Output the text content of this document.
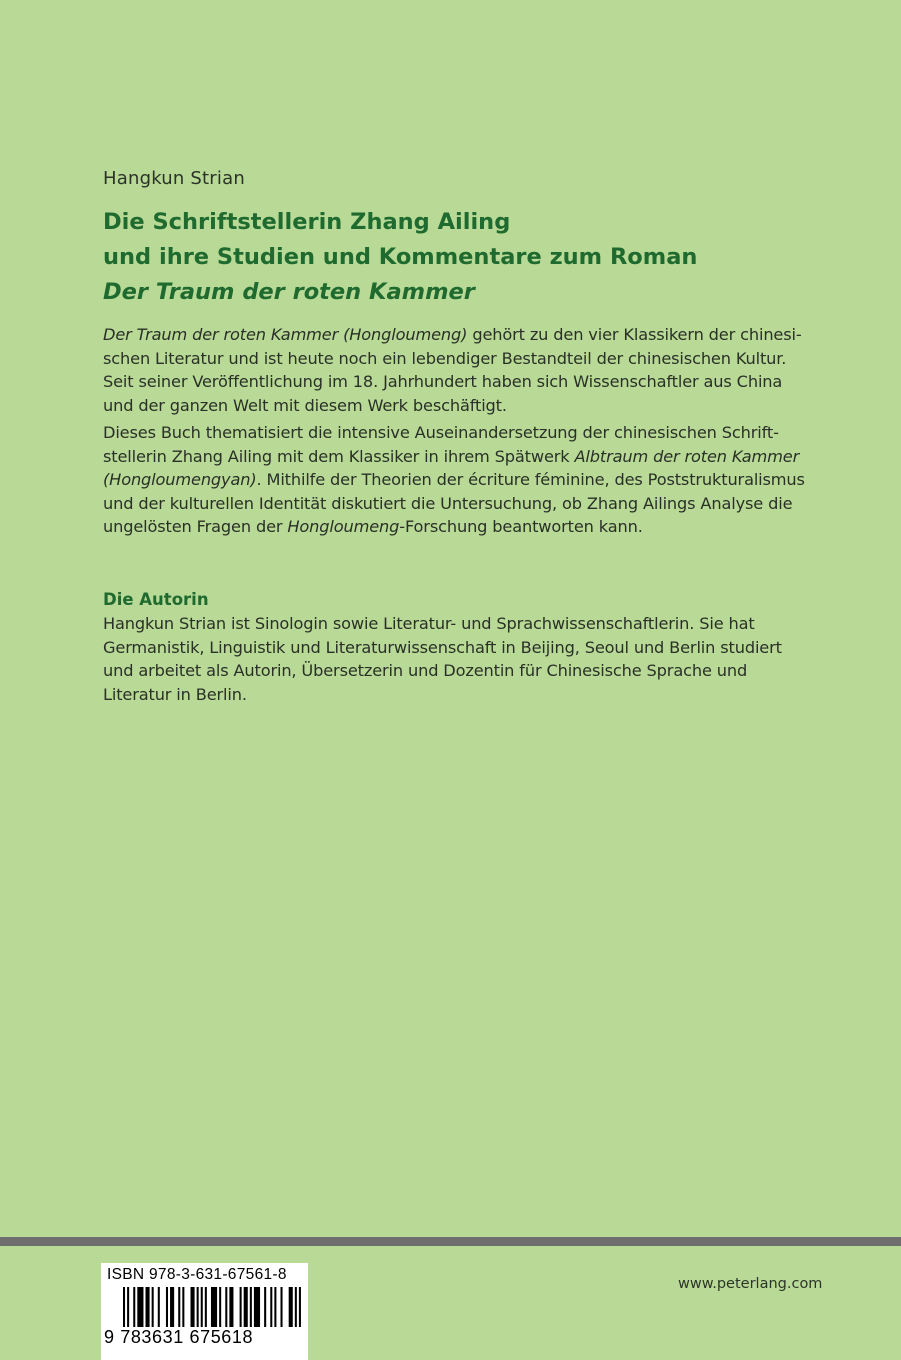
Hangkun Strian
Die Schriftstellerin Zhang Ailing
und ihre Studien und Kommentare zum Roman
Der Traum der roten Kammer
Der Traum der roten Kammer (Hongloumeng) gehört zu den vier Klassikern der chinesi-
schen Literatur und ist heute noch ein lebendiger Bestandteil der chinesischen Kultur.
Seit seiner Veröffentlichung im 18. Jahrhundert haben sich Wissenschaftler aus China
und der ganzen Welt mit diesem Werk beschäftigt.
Dieses Buch thematisiert die intensive Auseinandersetzung der chinesischen Schrift-
stellerin Zhang Ailing mit dem Klassiker in ihrem Spätwerk Albtraum der roten Kammer
(Hongloumengyan). Mithilfe der Theorien der écriture féminine, des Poststrukturalismus
und der kulturellen Identität diskutiert die Untersuchung, ob Zhang Ailings Analyse die
ungelösten Fragen der Hongloumeng-Forschung beantworten kann.
Die Autorin
Hangkun Strian ist Sinologin sowie Literatur- und Sprachwissenschaftlerin. Sie hat
Germanistik, Linguistik und Literaturwissenschaft in Beijing, Seoul und Berlin studiert
und arbeitet als Autorin, Übersetzerin und Dozentin für Chinesische Sprache und
Literatur in Berlin.
ISBN 978-3-631-67561-8
9 783631 675618
www.peterlang.com
